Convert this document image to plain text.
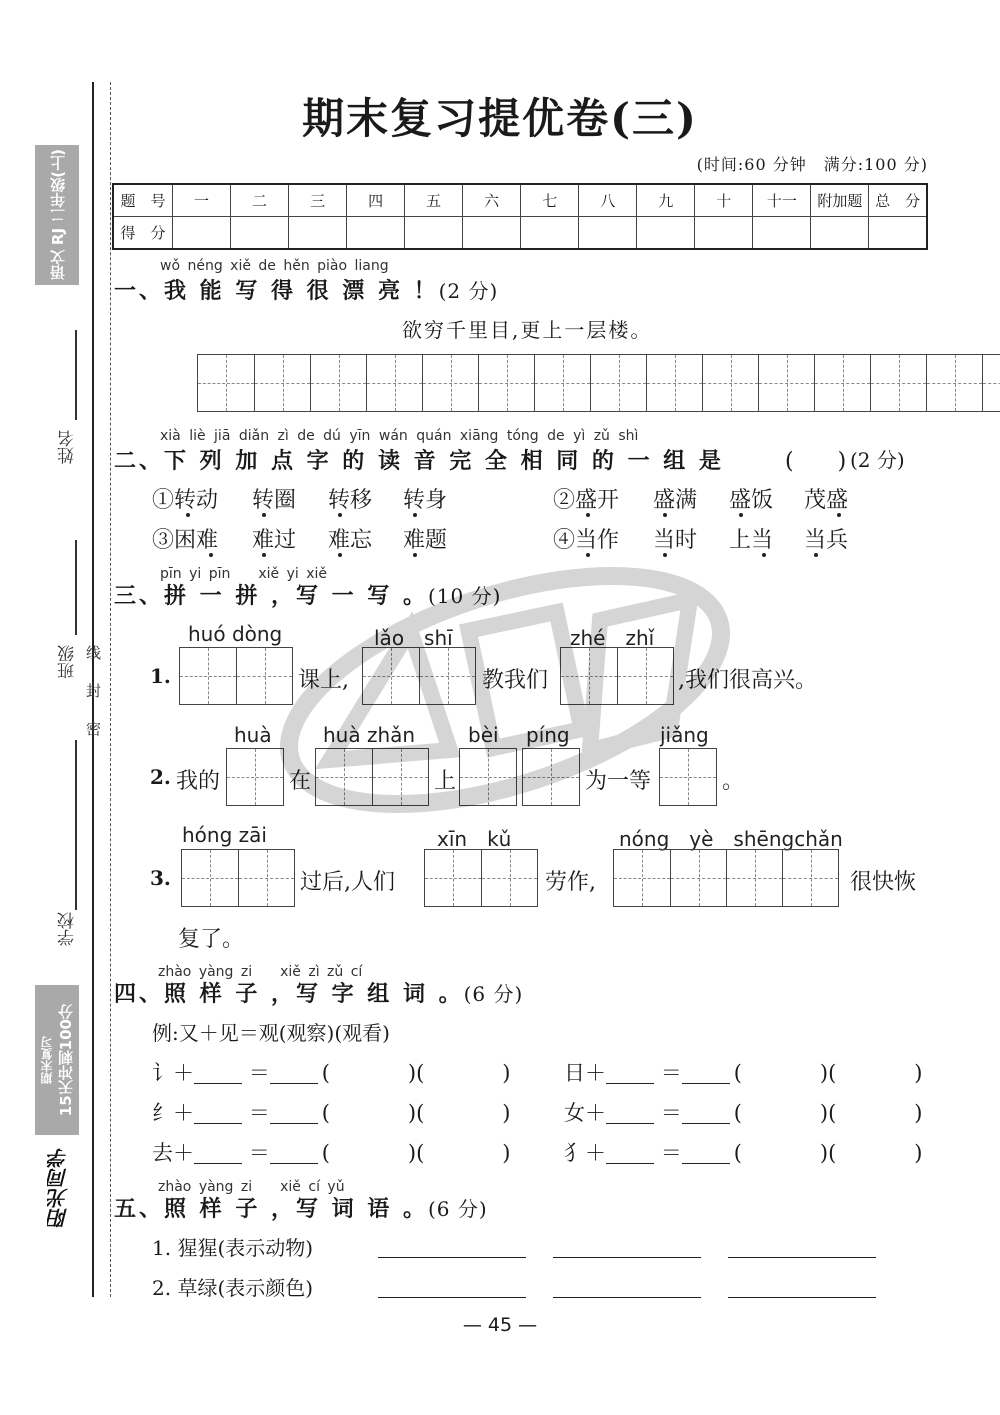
语文 RJ 二年级(上)
期末复习 15天冲刺100分
阳光同学
姓名
班级
学校
密
封
线
期末复习提优卷(三)
(时间:60 分钟　满分:100 分)
题　号	一	二	三	四	五	六	七	八	九	十	十一	附加题	总　分
得　分													
wǒ néng xiě de hěn piào liang
一、我 能 写 得 很 漂 亮 ！(2 分)
欲穷千里目,更上一层楼。
xià liè jiā diǎn zì de dú yīn wán quán xiāng tóng de yì zǔ shì
二、下 列 加 点 字 的 读 音 完 全 相 同 的 一 组 是	(　　) (2 分)
①转动 转圈 转移 转身	②盛开 盛满 盛饭 茂盛
③困难 难过 难忘 难题	④当作 当时 上当 当兵
pīn yi pīn　　xiě yi xiě
三、拼 一 拼 ，写 一 写 。(10 分)
huó dòng	lǎo　shī	zhé　zhǐ
1.	课上,	教我们	,我们很高兴。
huà	huà zhǎn	bèi píng	jiǎng
2. 我的	在	上	为一等	。
hóng zāi	xīn　kǔ	nóng　yè　shēngchǎn
3.	过后,人们	劳作,	很快恢
复了。
zhào yàng zi　　xiě zì zǔ cí
四、照 样 子 ，写 字 组 词 。(6 分)
例:又＋见＝观(观察)(观看)
讠＋	＝ (	)(	)
纟＋	＝ (	)(	)
去＋	＝ (	)(	)
日＋	＝ (	)(	)
女＋	＝ (	)(	)
犭＋	＝ (	)(	)
zhào yàng zi　　xiě cí yǔ
五、照 样 子 ，写 词 语 。(6 分)
1. 猩猩(表示动物)
2. 草绿(表示颜色)
— 45 —
